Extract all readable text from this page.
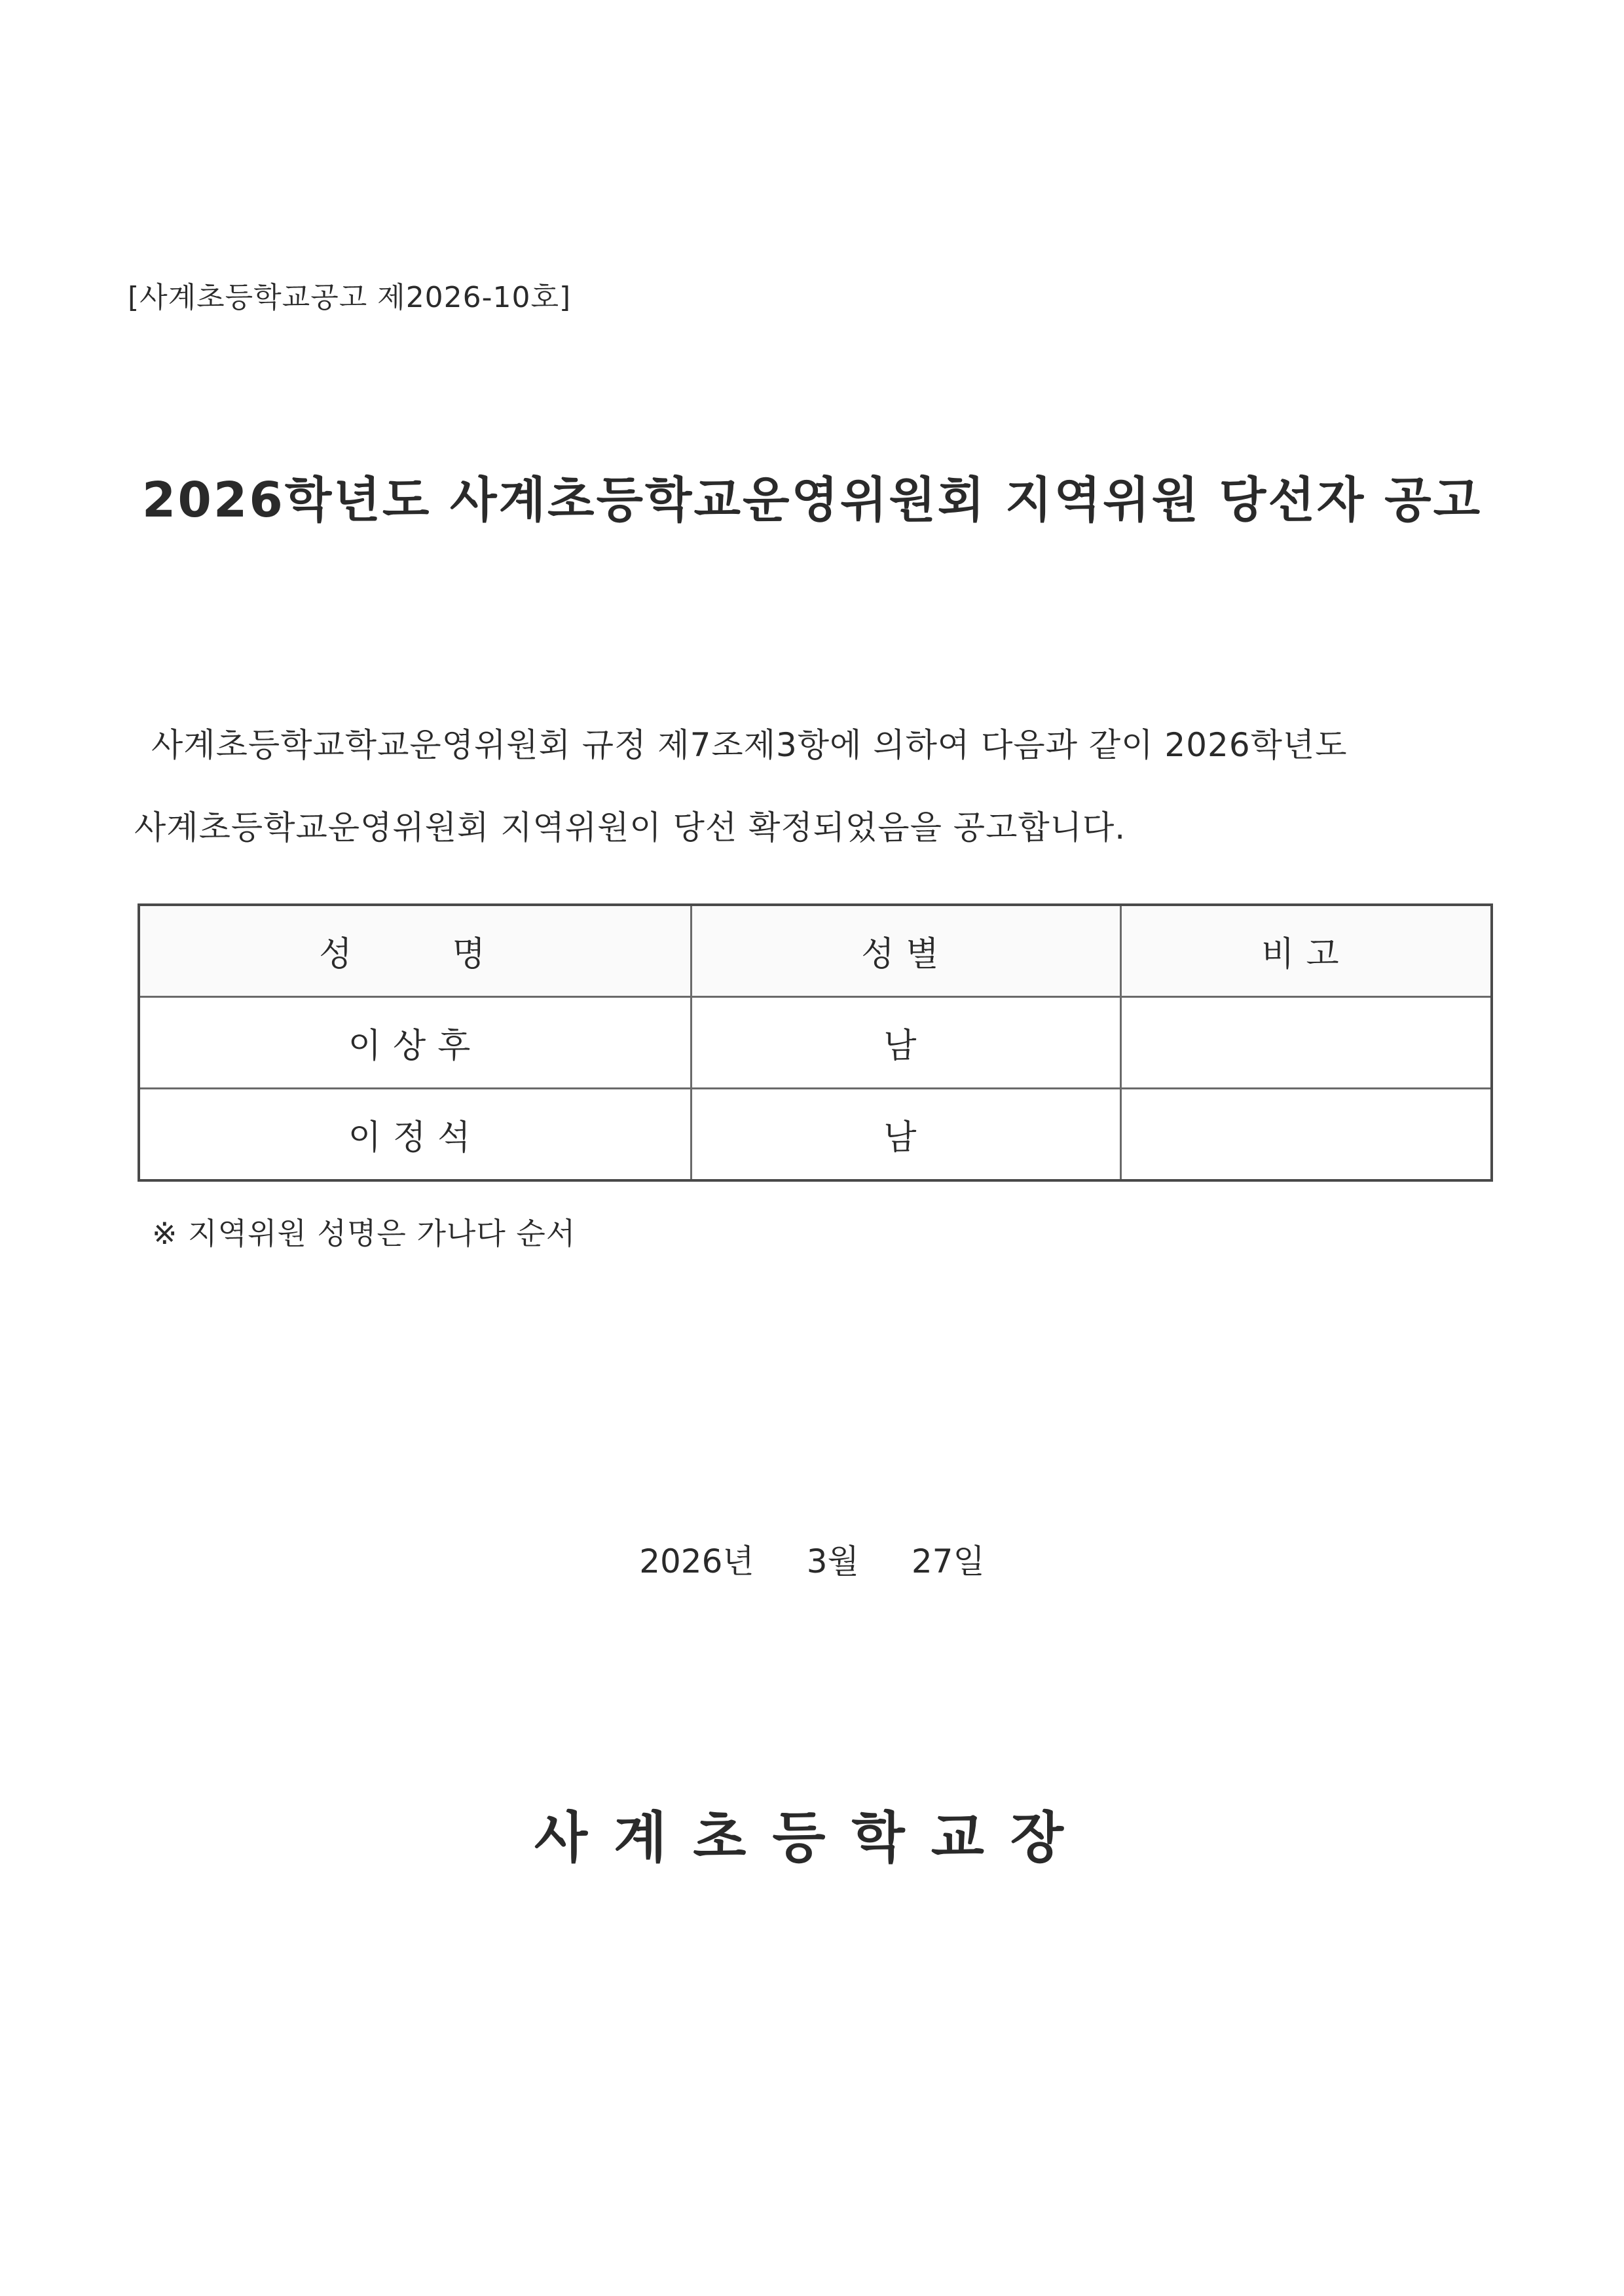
[사계초등학교공고 제2026-10호]
2026학년도 사계초등학교운영위원회 지역위원 당선자 공고
사계초등학교학교운영위원회 규정 제7조제3항에 의하여 다음과 같이 2026학년도
사계초등학교운영위원회 지역위원이 당선 확정되었음을 공고합니다.
성  명	성별	비고
이상후	남	
이정석	남	
※ 지역위원 성명은 가나다 순서
2026년 3월 27일
사계초등학교장
